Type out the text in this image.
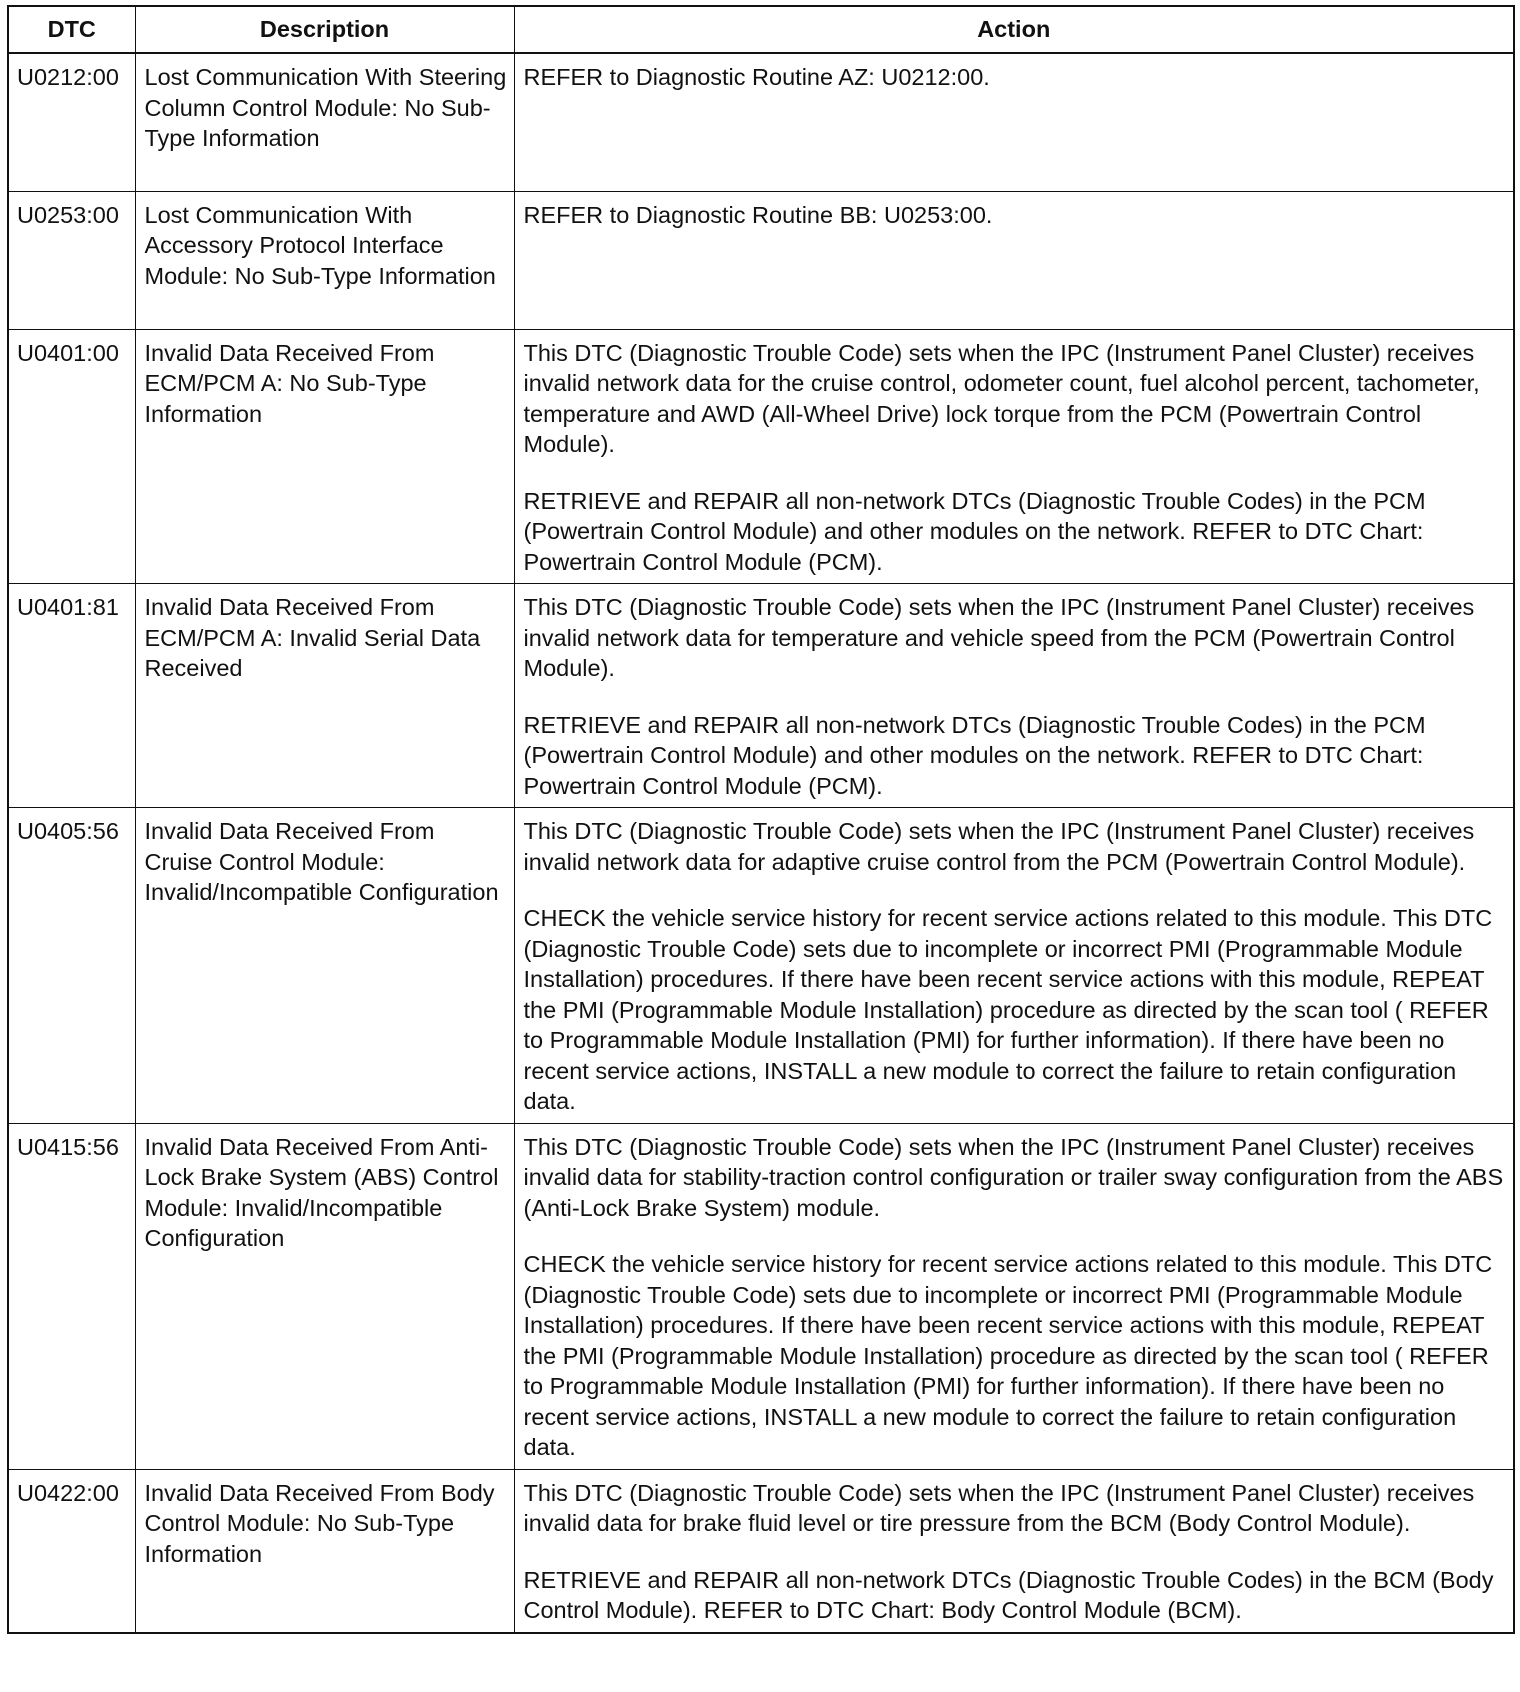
DTC	Description	Action
U0212:00	Lost Communication With Steering Column Control Module: No Sub-Type Information	REFER to Diagnostic Routine AZ: U0212:00.

U0253:00	Lost Communication With Accessory Protocol Interface Module: No Sub-Type Information	REFER to Diagnostic Routine BB: U0253:00.

U0401:00	Invalid Data Received From ECM/PCM A: No Sub-Type Information	This DTC (Diagnostic Trouble Code) sets when the IPC (Instrument Panel Cluster) receives invalid network data for the cruise control, odometer count, fuel alcohol percent, tachometer, temperature and AWD (All-Wheel Drive) lock torque from the PCM (Powertrain Control Module).

RETRIEVE and REPAIR all non-network DTCs (Diagnostic Trouble Codes) in the PCM (Powertrain Control Module) and other modules on the network. REFER to DTC Chart: Powertrain Control Module (PCM).

U0401:81	Invalid Data Received From ECM/PCM A: Invalid Serial Data Received	This DTC (Diagnostic Trouble Code) sets when the IPC (Instrument Panel Cluster) receives invalid network data for temperature and vehicle speed from the PCM (Powertrain Control Module).

RETRIEVE and REPAIR all non-network DTCs (Diagnostic Trouble Codes) in the PCM (Powertrain Control Module) and other modules on the network. REFER to DTC Chart: Powertrain Control Module (PCM).

U0405:56	Invalid Data Received From Cruise Control Module: Invalid/Incompatible Configuration	This DTC (Diagnostic Trouble Code) sets when the IPC (Instrument Panel Cluster) receives invalid network data for adaptive cruise control from the PCM (Powertrain Control Module).

CHECK the vehicle service history for recent service actions related to this module. This DTC (Diagnostic Trouble Code) sets due to incomplete or incorrect PMI (Programmable Module Installation) procedures. If there have been recent service actions with this module, REPEAT the PMI (Programmable Module Installation) procedure as directed by the scan tool ( REFER to Programmable Module Installation (PMI) for further information). If there have been no recent service actions, INSTALL a new module to correct the failure to retain configuration data.

U0415:56	Invalid Data Received From Anti-Lock Brake System (ABS) Control Module: Invalid/Incompatible Configuration	This DTC (Diagnostic Trouble Code) sets when the IPC (Instrument Panel Cluster) receives invalid data for stability-traction control configuration or trailer sway configuration from the ABS (Anti-Lock Brake System) module.

CHECK the vehicle service history for recent service actions related to this module. This DTC (Diagnostic Trouble Code) sets due to incomplete or incorrect PMI (Programmable Module Installation) procedures. If there have been recent service actions with this module, REPEAT the PMI (Programmable Module Installation) procedure as directed by the scan tool ( REFER to Programmable Module Installation (PMI) for further information). If there have been no recent service actions, INSTALL a new module to correct the failure to retain configuration data.

U0422:00	Invalid Data Received From Body Control Module: No Sub-Type Information	This DTC (Diagnostic Trouble Code) sets when the IPC (Instrument Panel Cluster) receives invalid data for brake fluid level or tire pressure from the BCM (Body Control Module).

RETRIEVE and REPAIR all non-network DTCs (Diagnostic Trouble Codes) in the BCM (Body Control Module). REFER to DTC Chart: Body Control Module (BCM).
